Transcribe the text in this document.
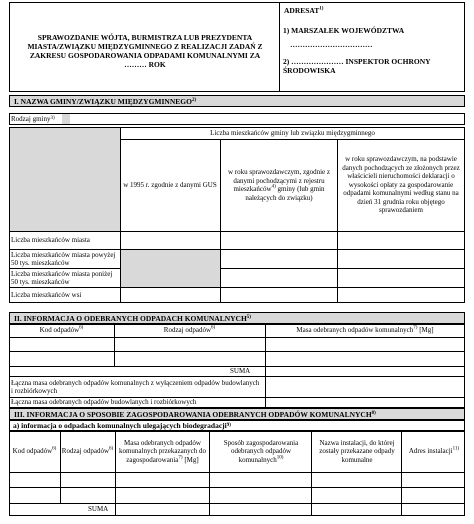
SPRAWOZDANIE WÓJTA, BURMISTRZA LUB PREZYDENTA MIASTA/ZWIĄZKU MIĘDZYGMINNEGO Z REALIZACJI ZADAŃ Z ZAKRESU GOSPODAROWANIA ODPADAMI KOMUNALNYMI ZA ……… ROK
ADRESAT$^{1)}$
1) MARSZAŁEK WOJEWÓDZTWA
……………………………
2) ………………… INSPEKTOR OCHRONY ŚRODOWISKA
I. NAZWA GMINY/ZWIĄZKU MIĘDZYGMINNEGO 2)
Rodzaj gminy 3)
Liczba mieszkańców gminy lub związku międzygminnego
w 1995 r. zgodnie z danymi GUS
w roku sprawozdawczym, zgodnie z danymi pochodzącymi z rejestru mieszkańców$^{4)}$ gminy (lub gmin należących do związku)
w roku sprawozdawczym, na podstawie danych pochodzących ze złożonych przez właścicieli nieruchomości deklaracji o wysokości opłaty za gospodarowanie odpadami komunalnymi według stanu na dzień 31 grudnia roku objętego sprawozdaniem
Liczba mieszkańców miasta
Liczba mieszkańców miasta powyżej 50 tys. mieszkańców
Liczba mieszkańców miasta poniżej 50 tys. mieszkańców
Liczba mieszkańców wsi
II. INFORMACJA O ODEBRANYCH ODPADACH KOMUNALNYCH 5)
Kod odpadów$^{6)}$	Rodzaj odpadów$^{6)}$	Masa odebranych odpadów komunalnych$^{7)}$ [Mg]
SUMA
Łączna masa odebranych odpadów komunalnych z wyłączeniem odpadów budowlanych i rozbiórkowych
Łączna masa odebranych odpadów budowlanych i rozbiórkowych
III. INFORMACJA O SPOSOBIE ZAGOSPODAROWANIA ODEBRANYCH ODPADÓW KOMUNALNYCH 8)
a) informacja o odpadach komunalnych ulegających biodegradacji 9)
Kod odpadów$^{6)}$ Rodzaj odpadów$^{6)}$
Masa odebranych odpadów komunalnych przekazanych do zagospodarowania$^{7)}$ [Mg]
Sposób zagospodarowania odebranych odpadów komunalnych$^{10)}$
Nazwa instalacji, do której zostały przekazane odpady komunalne
Adres instalacji$^{11)}$
SUMA
